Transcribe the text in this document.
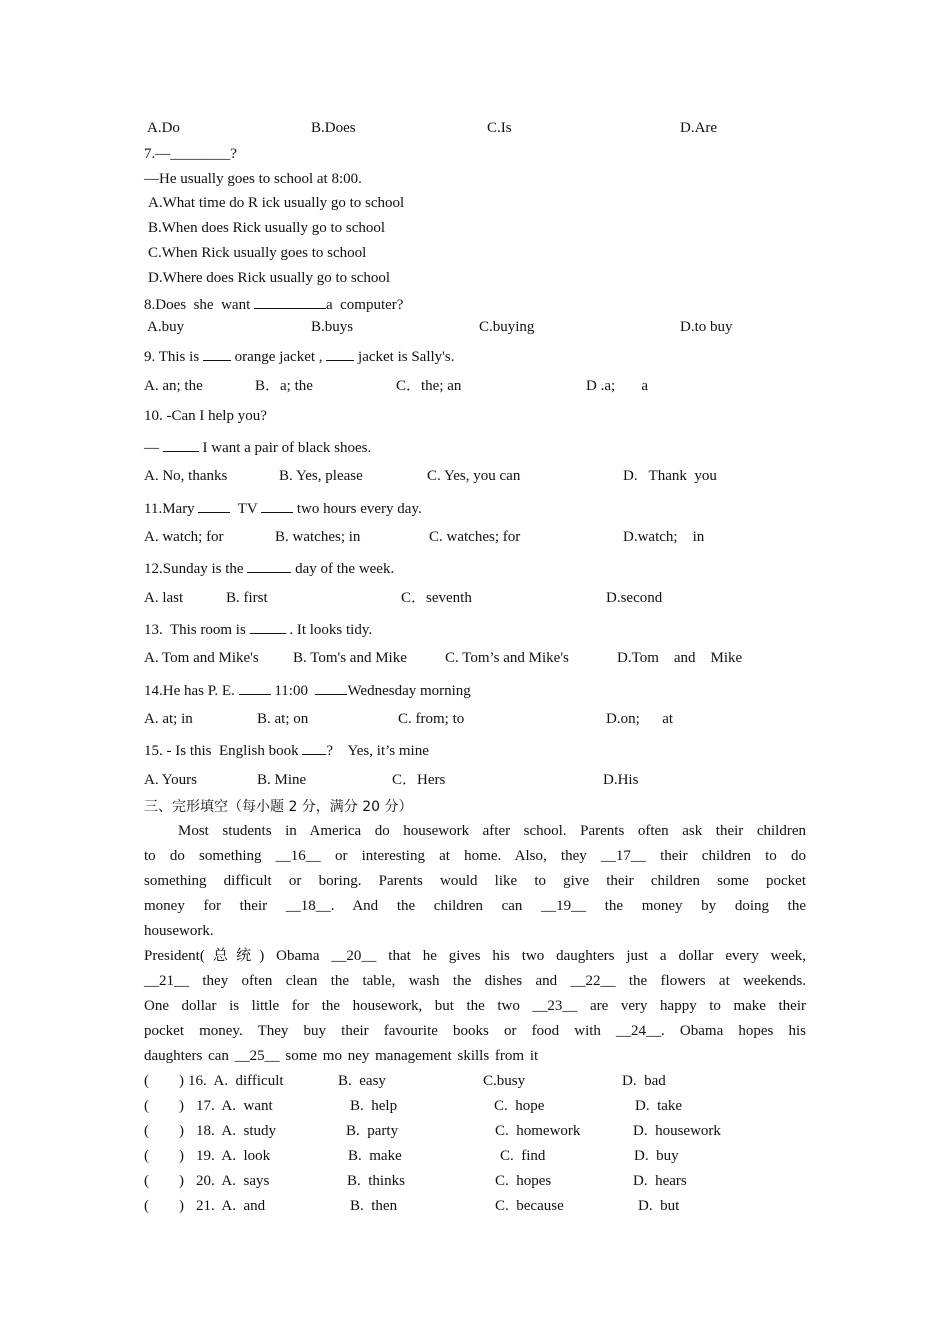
A.Do	B.Does	C.Is	D.Are
7.—________?
—He usually goes to school at 8:00.
A.What time do R ick usually go to school
B.When does Rick usually go to school
C.When Rick usually goes to school
D.Where does Rick usually go to school
8.Does  she  want	a  computer?
A.buy	B.buys	C.buying	D.to buy
9. This is  orange jacket ,  jacket is Sally's.
A. an; the	B．a; the	C．the; an	D .a;       a
10. -Can I help you?
—  I want a pair of black shoes.
A. No, thanks	B. Yes, please	C. Yes, you can	D.   Thank  you
11.Mary   TV  two hours every day.
A. watch; for	B. watches; in	C. watches; for	D.watch;    in
12.Sunday is the	day of the week.
A. last	B. first	C．seventh	D.second
13.  This room is  . It looks tidy.
A. Tom and Mike's B. Tom's and Mike	C. Tom’s and Mike's	D.Tom    and    Mike
14.He has P. E.  11:00  Wednesday morning
A. at; in	B. at; on	C. from; to	D.on;      at
15. - Is this  English book ?    Yes, it’s mine
A. Yours	B. Mine	C．Hers	D.His
三、完形填空（每小题 2 分，满分 20 分）
Most students in America do housework after school. Parents often ask their children
to do something __16__ or interesting at home. Also, they __17__ their children to do
something difficult or boring. Parents would like to give their children some pocket
money for their __18__. And the children can __19__ the money by doing the
housework.
President(总统) Obama __20__ that he gives his two daughters just a dollar every week,
__21__ they often clean the table, wash the dishes and __22__ the flowers at weekends.
One dollar is little for the housework, but the two __23__ are very happy to make their
pocket money. They buy their favourite books or food with __24__. Obama hopes his
daughters can __25__ some mo ney management skills from it
(        ) 16.  A.  difficult	B.  easy	C.busy	D.  bad
(        ) 17.  A.  want	B.  help	C.  hope	D.  take
(        ) 18.  A.  study	B.  party	C.  homework	D.  housework
(        ) 19.  A.  look	B.  make	C.  find	D.  buy
(        ) 20.  A.  says	B.  thinks	C.  hopes	D.  hears
(        ) 21.  A.  and	B.  then	C.  because	D.  but
